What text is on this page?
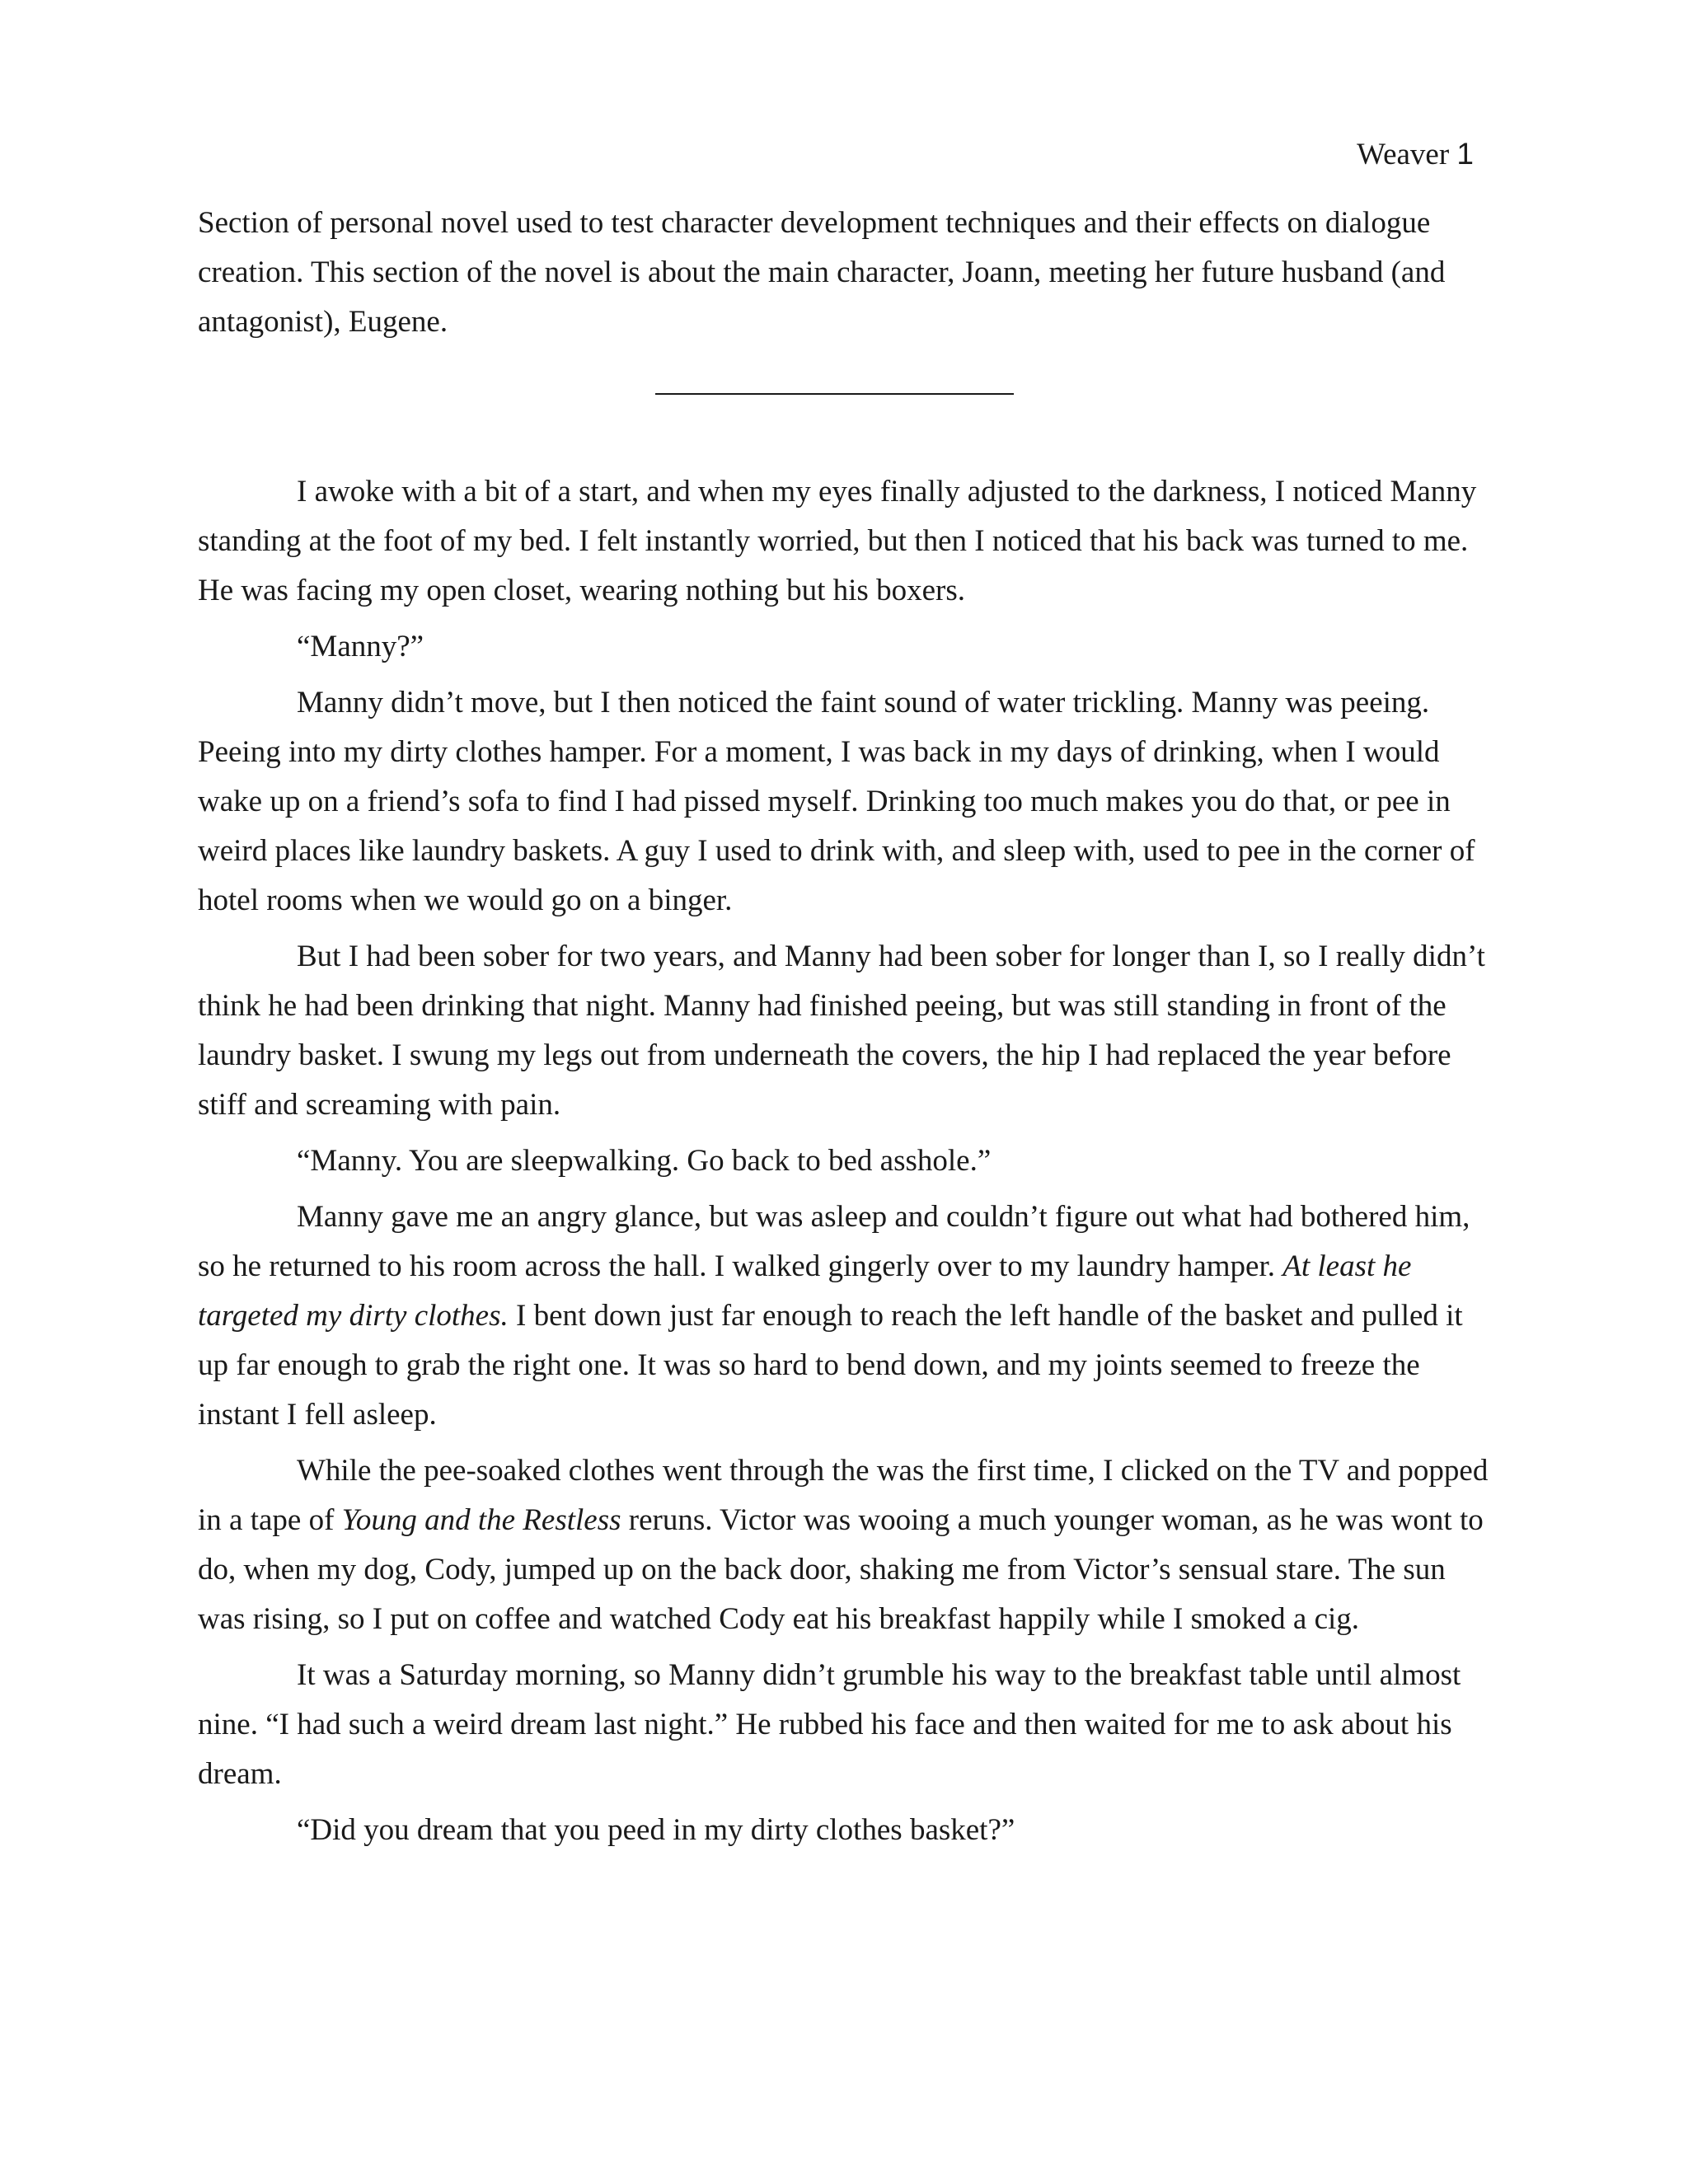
Weaver 1

Section of personal novel used to test character development techniques and their effects on dialogue creation. This section of the novel is about the main character, Joann, meeting her future husband (and antagonist), Eugene.

I awoke with a bit of a start, and when my eyes finally adjusted to the darkness, I noticed Manny standing at the foot of my bed. I felt instantly worried, but then I noticed that his back was turned to me. He was facing my open closet, wearing nothing but his boxers.

“Manny?”

Manny didn’t move, but I then noticed the faint sound of water trickling. Manny was peeing. Peeing into my dirty clothes hamper. For a moment, I was back in my days of drinking, when I would wake up on a friend’s sofa to find I had pissed myself. Drinking too much makes you do that, or pee in weird places like laundry baskets. A guy I used to drink with, and sleep with, used to pee in the corner of hotel rooms when we would go on a binger.

But I had been sober for two years, and Manny had been sober for longer than I, so I really didn’t think he had been drinking that night. Manny had finished peeing, but was still standing in front of the laundry basket. I swung my legs out from underneath the covers, the hip I had replaced the year before stiff and screaming with pain.

“Manny. You are sleepwalking. Go back to bed asshole.”

Manny gave me an angry glance, but was asleep and couldn’t figure out what had bothered him, so he returned to his room across the hall. I walked gingerly over to my laundry hamper. At least he targeted my dirty clothes. I bent down just far enough to reach the left handle of the basket and pulled it up far enough to grab the right one. It was so hard to bend down, and my joints seemed to freeze the instant I fell asleep.

While the pee-soaked clothes went through the was the first time, I clicked on the TV and popped in a tape of Young and the Restless reruns. Victor was wooing a much younger woman, as he was wont to do, when my dog, Cody, jumped up on the back door, shaking me from Victor’s sensual stare. The sun was rising, so I put on coffee and watched Cody eat his breakfast happily while I smoked a cig.

It was a Saturday morning, so Manny didn’t grumble his way to the breakfast table until almost nine. “I had such a weird dream last night.” He rubbed his face and then waited for me to ask about his dream.

“Did you dream that you peed in my dirty clothes basket?”
